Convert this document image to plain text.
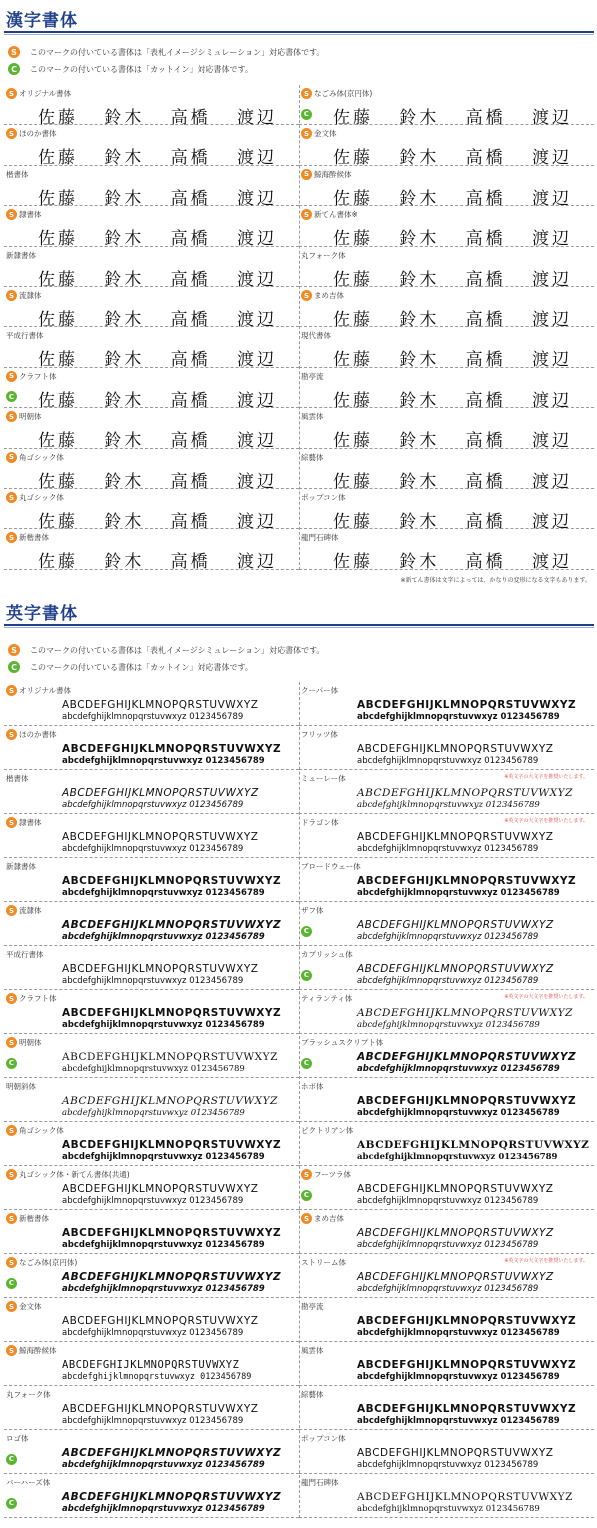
漢字書体
S	このマークの付いている書体は「表札イメージシミュレーション」対応書体です。
C	このマークの付いている書体は「カットイン」対応書体です。
S オリジナル書体
佐藤 鈴木 高橋 渡辺
S なごみ体(京円体)
C 佐藤 鈴木 高橋 渡辺
S ほのか書体
佐藤 鈴木 高橋 渡辺
S 金文体
佐藤 鈴木 高橋 渡辺
楷書体
佐藤 鈴木 高橋 渡辺
S 鯨海酔候体
佐藤 鈴木 高橋 渡辺
S 隷書体
佐藤 鈴木 高橋 渡辺
S 新てん書体※
佐藤 鈴木 高橋 渡辺
新隷書体
佐藤 鈴木 高橋 渡辺
丸フォーク体
佐藤 鈴木 高橋 渡辺
S 流隷体
佐藤 鈴木 高橋 渡辺
S まめ吉体
佐藤 鈴木 高橋 渡辺
平成行書体
佐藤 鈴木 高橋 渡辺
現代書体
佐藤 鈴木 高橋 渡辺
S クラフト体
C 佐藤 鈴木 高橋 渡辺
勘亭流
佐藤 鈴木 高橋 渡辺
S 明朝体
佐藤 鈴木 高橋 渡辺
風雲体
佐藤 鈴木 高橋 渡辺
S 角ゴシック体
佐藤 鈴木 高橋 渡辺
綜藝体
佐藤 鈴木 高橋 渡辺
S 丸ゴシック体
佐藤 鈴木 高橋 渡辺
ポップコン体
佐藤 鈴木 高橋 渡辺
S 新楷書体
佐藤 鈴木 高橋 渡辺
龍門石碑体
佐藤 鈴木 高橋 渡辺
※新てん書体は文字によっては、かなりの変形になる文字もあります。
英字書体
S	このマークの付いている書体は「表札イメージシミュレーション」対応書体です。
C	このマークの付いている書体は「カットイン」対応書体です。
S オリジナル書体
ABCDEFGHIJKLMNOPQRSTUVWXYZ
abcdefghijklmnopqrstuvwxyz 0123456789
クーパー体
ABCDEFGHIJKLMNOPQRSTUVWXYZ
abcdefghijklmnopqrstuvwxyz 0123456789
S ほのか書体
ABCDEFGHIJKLMNOPQRSTUVWXYZ
abcdefghijklmnopqrstuvwxyz 0123456789
フリッツ体
ABCDEFGHIJKLMNOPQRSTUVWXYZ
abcdefghijklmnopqrstuvwxyz 0123456789
楷書体
ABCDEFGHIJKLMNOPQRSTUVWXYZ
abcdefghijklmnopqrstuvwxyz 0123456789
ミューレー体	※英文字の大文字を推奨いたします。
ABCDEFGHIJKLMNOPQRSTUVWXYZ
abcdefghijklmnopqrstuvwxyz 0123456789
S 隷書体
ABCDEFGHIJKLMNOPQRSTUVWXYZ
abcdefghijklmnopqrstuvwxyz 0123456789
ドラゴン体	※英文字の大文字を推奨いたします。
ABCDEFGHIJKLMNOPQRSTUVWXYZ
abcdefghijklmnopqrstuvwxyz 0123456789
新隷書体
ABCDEFGHIJKLMNOPQRSTUVWXYZ
abcdefghijklmnopqrstuvwxyz 0123456789
ブロードウェー体
ABCDEFGHIJKLMNOPQRSTUVWXYZ
abcdefghijklmnopqrstuvwxyz 0123456789
S 流隷体
ABCDEFGHIJKLMNOPQRSTUVWXYZ
abcdefghijklmnopqrstuvwxyz 0123456789
ザフ体
C	ABCDEFGHIJKLMNOPQRSTUVWXYZ
abcdefghijklmnopqrstuvwxyz 0123456789
平成行書体
ABCDEFGHIJKLMNOPQRSTUVWXYZ
abcdefghijklmnopqrstuvwxyz 0123456789
カプリッシュ体
C	ABCDEFGHIJKLMNOPQRSTUVWXYZ
abcdefghijklmnopqrstuvwxyz 0123456789
S クラフト体
ABCDEFGHIJKLMNOPQRSTUVWXYZ
abcdefghijklmnopqrstuvwxyz 0123456789
ティランティ体	※英文字の大文字を推奨いたします。
ABCDEFGHIJKLMNOPQRSTUVWXYZ
abcdefghijklmnopqrstuvwxyz 0123456789
S 明朝体
C	ABCDEFGHIJKLMNOPQRSTUVWXYZ
abcdefghijklmnopqrstuvwxyz 0123456789
ブラッシュスクリプト体
C	ABCDEFGHIJKLMNOPQRSTUVWXYZ
abcdefghijklmnopqrstuvwxyz 0123456789
明朝斜体
ABCDEFGHIJKLMNOPQRSTUVWXYZ
abcdefghijklmnopqrstuvwxyz 0123456789
ホボ体
ABCDEFGHIJKLMNOPQRSTUVWXYZ
abcdefghijklmnopqrstuvwxyz 0123456789
S 角ゴシック体
ABCDEFGHIJKLMNOPQRSTUVWXYZ
abcdefghijklmnopqrstuvwxyz 0123456789
ピクトリアン体
ABCDEFGHIJKLMNOPQRSTUVWXYZ
abcdefghijklmnopqrstuvwxyz 0123456789
S 丸ゴシック体・新てん書体(共通)
ABCDEFGHIJKLMNOPQRSTUVWXYZ
abcdefghijklmnopqrstuvwxyz 0123456789
S フーツラ体
C	ABCDEFGHIJKLMNOPQRSTUVWXYZ
abcdefghijklmnopqrstuvwxyz 0123456789
S 新楷書体
ABCDEFGHIJKLMNOPQRSTUVWXYZ
abcdefghijklmnopqrstuvwxyz 0123456789
S まめ吉体
ABCDEFGHIJKLMNOPQRSTUVWXYZ
abcdefghijklmnopqrstuvwxyz 0123456789
S なごみ体(京円体)
C	ABCDEFGHIJKLMNOPQRSTUVWXYZ
abcdefghijklmnopqrstuvwxyz 0123456789
ストリーム体	※英文字の大文字を推奨いたします。
ABCDEFGHIJKLMNOPQRSTUVWXYZ
abcdefghijklmnopqrstuvwxyz 0123456789
S 金文体
ABCDEFGHIJKLMNOPQRSTUVWXYZ
abcdefghijklmnopqrstuvwxyz 0123456789
勘亭流
ABCDEFGHIJKLMNOPQRSTUVWXYZ
abcdefghijklmnopqrstuvwxyz 0123456789
S 鯨海酔候体
ABCDEFGHIJKLMNOPQRSTUVWXYZ
abcdefghijklmnopqrstuvwxyz 0123456789
風雲体
ABCDEFGHIJKLMNOPQRSTUVWXYZ
abcdefghijklmnopqrstuvwxyz 0123456789
丸フォーク体
ABCDEFGHIJKLMNOPQRSTUVWXYZ
abcdefghijklmnopqrstuvwxyz 0123456789
綜藝体
ABCDEFGHIJKLMNOPQRSTUVWXYZ
abcdefghijklmnopqrstuvwxyz 0123456789
ロゴ体
C	ABCDEFGHIJKLMNOPQRSTUVWXYZ
abcdefghijklmnopqrstuvwxyz 0123456789
ポップコン体
ABCDEFGHIJKLMNOPQRSTUVWXYZ
abcdefghijklmnopqrstuvwxyz 0123456789
バーハーズ体
C	ABCDEFGHIJKLMNOPQRSTUVWXYZ
abcdefghijklmnopqrstuvwxyz 0123456789
龍門石碑体
ABCDEFGHIJKLMNOPQRSTUVWXYZ
abcdefghijklmnopqrstuvwxyz 0123456789
